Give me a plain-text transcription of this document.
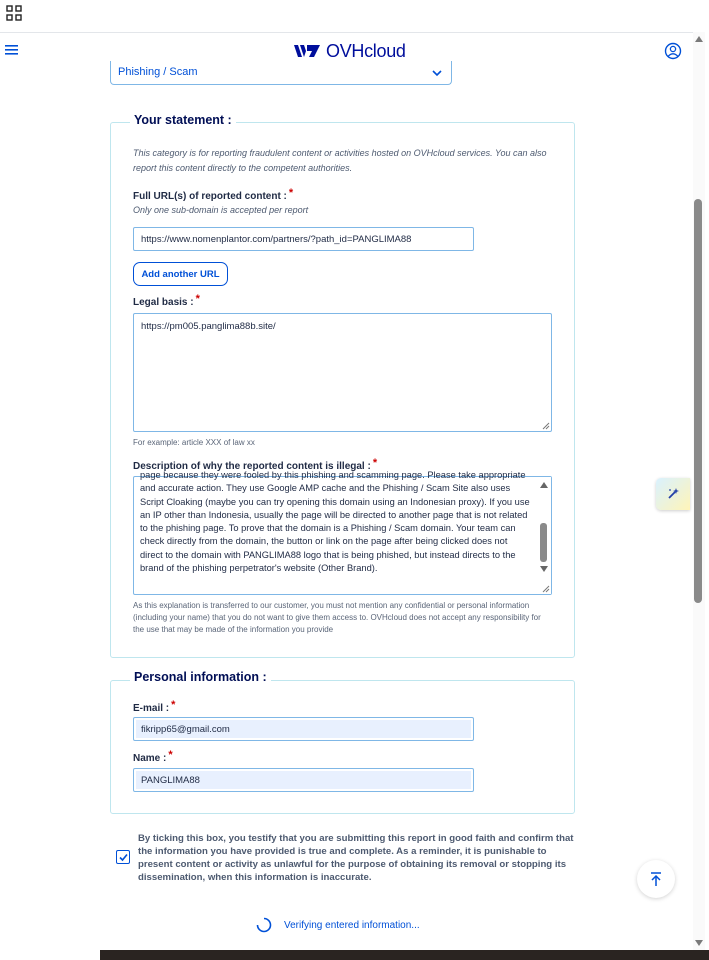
OVHcloud
Phishing / Scam
Your statement :
This category is for reporting fraudulent content or activities hosted on OVHcloud services. You can also report this content directly to the competent authorities.
Full URL(s) of reported content : *
Only one sub-domain is accepted per report
https://www.nomenplantor.com/partners/?path_id=PANGLIMA88
Add another URL
Legal basis : *
https://pm005.panglima88b.site/
For example: article XXX of law xx
Description of why the reported content is illegal : *
page because they were fooled by this phishing and scamming page. Please take appropriate and accurate action. They use Google AMP cache and the Phishing / Scam Site also uses Script Cloaking (maybe you can try opening this domain using an Indonesian proxy). If you use an IP other than Indonesia, usually the page will be directed to another page that is not related to the phishing page. To prove that the domain is a Phishing / Scam domain. Your team can check directly from the domain, the button or link on the page after being clicked does not direct to the domain with PANGLIMA88 logo that is being phished, but instead directs to the brand of the phishing perpetrator's website (Other Brand).
As this explanation is transferred to our customer, you must not mention any confidential or personal information (including your name) that you do not want to give them access to. OVHcloud does not accept any responsibility for the use that may be made of the information you provide
Personal information :
E-mail : *
fikripp65@gmail.com
Name : *
PANGLIMA88
By ticking this box, you testify that you are submitting this report in good faith and confirm that the information you have provided is true and complete. As a reminder, it is punishable to present content or activity as unlawful for the purpose of obtaining its removal or stopping its dissemination, when this information is inaccurate.
Verifying entered information...
